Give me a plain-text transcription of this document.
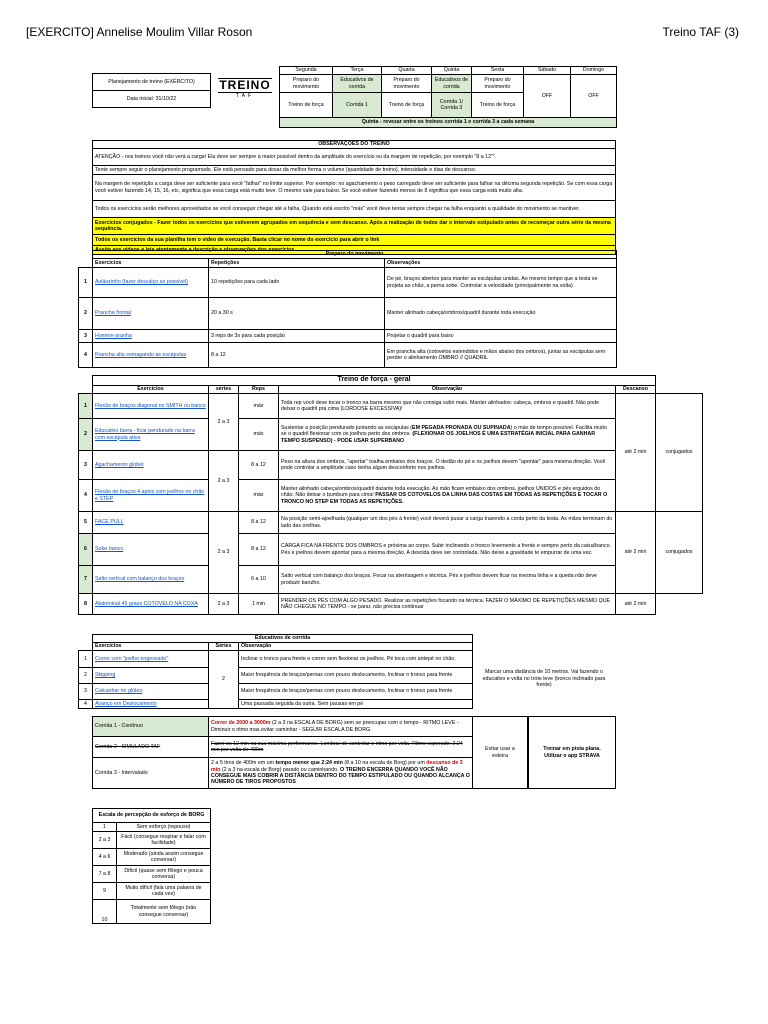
[EXERCITO] Annelise Moulim Villar Roson	Treino TAF (3)
Planejamento de treino (EXÉRCITO)
Data inicial: 31/10/22
TREINO
TAF
Segunda	Terça	Quarta	Quinta	Sexta	Sábado	Domingo
Preparo do movimento	Educativos de corrida	Preparo do movimento	Educativos de corrida	Preparo do movimento	OFF	OFF
Treino de força	Corrida 1	Treino de força	Corrida 1/ Corrida 3	Treino de força		
Quinta - revezar entre os treinos corrida 1 e corrida 3 a cada semana						
OBSERVAÇÕES DO TREINO
ATENÇÃO - nos treinos você não verá a carga! Ela deve ser sempre a maior possível dentro da amplitude do exercício ou da margem de repetição, por exemplo "8 a 12"".
Tente sempre seguir o planejamento programado. Ele está pensado para dosar da melhor forma o volume (quantidade de treino), intensidade e dias de descanso.
Na margem de repetição a carga deve ser suficiente para você "falhar" no limite superior. Por exemplo: no agachamento o peso carregado deve ser suficiente para falhar na décima segunda repetição. Se com essa carga você estiver fazendo 14, 15, 16, etc, significa que essa carga está muito leve. O mesmo vale para baixo. Se você estiver fazendo menos de 8 significa que essa carga está muito alta.
Todos os exercícios serão melhores aproveitados se você conseguir chegar até a falha. Quando está escrito "máx" você deve tentar sempre chegar na falha enquanto a qualidade do movimento se mantiver.
Exercícios conjugados - Fazer todos os exercícios que estiverem agrupados em sequência e sem descanso. Após a realização de todos dar o intervalo estipulado antes de recomeçar outra série da mesma sequência.
Todos os exercícios da sua planilha tem o vídeo de execução. Basta clicar no nome do exercício para abrir o link
Assita aos vídeos e leia atentamente a descrição e observações dos exercícios.
	Preparo do movimento		
	Exercícios	Repetições	Observações
1	Aviãozinho (fazer descalço se possível)	10 repetições para cada lado	De pé, braços abertos para manter as escápulas unidas. Ao mesmo tempo que a testa se projeta ao chão, a perna sobe. Controlar a velocidade (principalmente na volta)
2	Prancha frontal	20 a 30 s	Manter alinhado cabeça/ombros/quadril durante toda execução
3	Homem-aranha	3 reps de 3s para cada posição	Projetar o quadril para baixo
4	Prancha alta esmagando as escápulas	8 a 12	Em prancha alta (cotovelos estendidos e mãos abaixo dos ombros), juntar as escápulas sem perder o alinhamento OMBRO // QUADRIL
	Treino de força - geral					
	Exercícios	séries	Reps	Observação	Descanso	
1	Flexão de braços diagonal no SMITH ou banco	2 a 3	máx	Toda rep você deve tocar o tronco na barra mesmo que não consiga subir mais. Manter alinhados: cabeça, ombros e quadril. Não pode deixar o quadril pra cima (LORDOSE EXCESSIVA)!	até 2 min	conjugados
2	Educativo barra - ficar pendurado na barra com escápula ativa		máx	Sustentar a posição pendurado juntando as escápulas (EM PEGADA PRONADA OU SUPINADA) o máx de tempo possível. Facilita muito se o quadril flexionar com os joelhos perto dos ombros. (FLEXIONAR OS JOELHOS É UMA ESTRATÉGIA INICIAL PARA GANHAR TEMPO SUSPENSO) - PODE USAR SUPERBANO		
3	Agachamento globet	2 a 3	8 a 12	Peso na altura dos ombros, "apertar" toalha embaixo dos braços. O dedão do pé e os joelhos devem "apontar" para mesma direção. Você pode controlar a amplitude caso tenha algum desconforto nos joelhos.		
4	Flexão de braços 4 apois com joelhos no chão e STEP		máx	Manter alinhado cabeça/ombros/quadril durante toda execução. As mão ficam embaixo dos ombros, joelhos UNIDOS e pés erguidos do chão. Não deixar o bumbum para cima! PASSAR OS COTOVELOS DA LINHA DAS COSTAS EM TODAS AS REPETIÇÕES E TOCAR O TRONCO NO STEP EM TODAS AS REPETIÇÕES.		
5	FACE PULL	2 a 3	8 a 12	Na posição semi-ajoelhada (qualquer um dos pés à frente) você deverá puxar a carga trazendo a corda perto da testa. As mãos terminam do lado das orelhas.	até 2 min	conjugados
6	Sobe banco		8 a 12	CARGA FICA NA FRENTE DOS OMBROS e próxima ao corpo. Subir inclinando o tronco levemente a frente e sempre perto da caixa/banco. Pés e joelhos devem apontar para a mesma direção. A descida deve ser controlada. Não deixe a gravidade te empurrar de uma vez.		
7	Salto vertical com balanço dos braços		6 a 10	Salto vertical com balanço dos braços. Focar na aterrisagem e técnica. Pés e joelhos devem ficar na mesma linha e a queda não deve produzir barulho.		
8	Abdominal 45 graus COTOVELO NA COXA	2 a 3	1 min	PRENDER OS PÉS COM ALGO PESADO. Realizar as repetições focando na técnica. FAZER O MÁXIMO DE REPETIÇÕES MESMO QUE NÃO CHEGUE NO TEMPO - se parar, não precisa continuar	até 2 min	
	Educativos de corrida		
	Exercícios	Séries	Observação
1	Correr com "joelho engessado"	2	Inclinar o tronco para frente e correr sem flexionar os joelhos. Pé toca com antepé no chão.
2	Skipping		Maior frequência de braços/pernas com pouco deslocamento. Inclinar o tronco para frente
3	Calcanhar no glúteo		Maior frequência de braços/pernas com pouco deslocamento. Inclinar o tronco para frente
4	Avanço em Deslocamento		Uma passada seguida da outra. Sem pausas em pé
Marcar uma distância de 10 metros. Vai fazendo o educativo e volta no trote leve (tronco inclinado para frente)
Corrida 1 - Contínuo	Correr de 2000 a 3000m (2 a 3 na ESCALA DE BORG) sem se preocupar com o tempo - RITMO LEVE - Diminuir o ritmo mas evitar caminhar - SEGUIR ESCALA DE BORG
Corrida 2 - SIMULADO TAF	Fazer os 12 min na sua máxima performance. Lembrar de controlar o ritmo por volta. Ritmo esperado: 2:24 min por volta de 400m
Corrida 3 - Intervalado	2 a 5 tiros de 400m em um tempo menor que 2:24 min (8 a 10 na escala de Borg) por um descanso de 3 min (2 a 3 na escala de Borg) parado ou caminhando. O TREINO ENCERRA QUANDO VOCÊ NÃO CONSEGUE MAIS COBRIR A DISTÂNCIA DENTRO DO TEMPO ESTIPULADO OU QUANDO ALCANÇA O NÚMERO DE TIROS PROPOSTOS
Evitar usar a esteira
Treinar em pista plana. Utilizar o app STRAVA
Escala de percepção de esforço de BORG	
1	Sem esforço (repouso)
2 a 3	Fácil (consegue respirar e falar com facilidade)
4 a 6	Moderado (ainda assim consegue conversar)
7 a 8	Difícil (quase sem fôlego e pouca conversa)
9	Muito difícil (fala uma palavra de cada vez)
10	Totalmente sem fôlego (não consegue conversar)
